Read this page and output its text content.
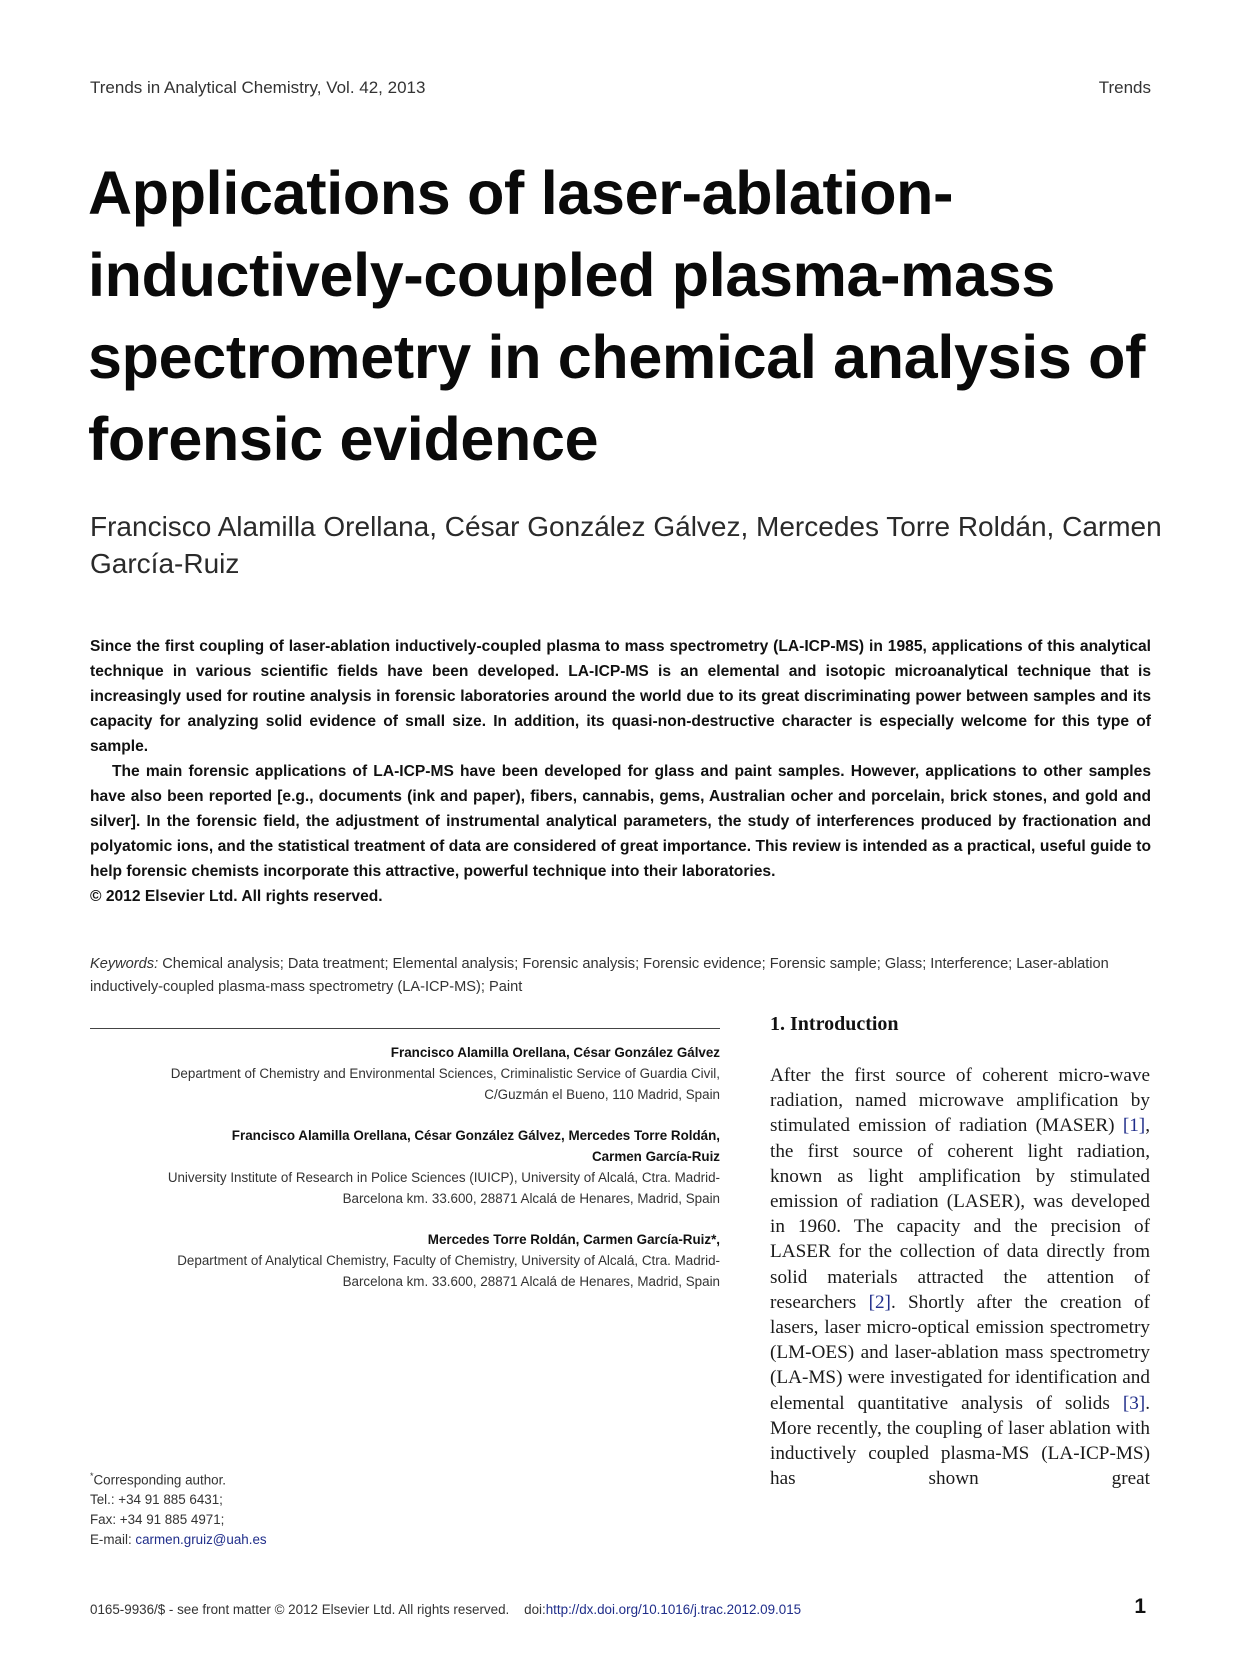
Trends in Analytical Chemistry, Vol. 42, 2013	Trends
Applications of laser-ablation-inductively-coupled plasma-mass spectrometry in chemical analysis of forensic evidence

Francisco Alamilla Orellana, César González Gálvez, Mercedes Torre Roldán, Carmen García-Ruiz

Since the first coupling of laser-ablation inductively-coupled plasma to mass spectrometry (LA-ICP-MS) in 1985, applications of this analytical technique in various scientific fields have been developed. LA-ICP-MS is an elemental and isotopic microanalytical technique that is increasingly used for routine analysis in forensic laboratories around the world due to its great discriminating power between samples and its capacity for analyzing solid evidence of small size. In addition, its quasi-non-destructive character is especially welcome for this type of sample.

The main forensic applications of LA-ICP-MS have been developed for glass and paint samples. However, applications to other samples have also been reported [e.g., documents (ink and paper), fibers, cannabis, gems, Australian ocher and porcelain, brick stones, and gold and silver]. In the forensic field, the adjustment of instrumental analytical parameters, the study of interferences produced by fractionation and polyatomic ions, and the statistical treatment of data are considered of great importance. This review is intended as a practical, useful guide to help forensic chemists incorporate this attractive, powerful technique into their laboratories.

© 2012 Elsevier Ltd. All rights reserved.

Keywords: Chemical analysis; Data treatment; Elemental analysis; Forensic analysis; Forensic evidence; Forensic sample; Glass; Interference; Laser-ablation inductively-coupled plasma-mass spectrometry (LA-ICP-MS); Paint

Francisco Alamilla Orellana, César González Gálvez
Department of Chemistry and Environmental Sciences, Criminalistic Service of Guardia Civil,
C/Guzmán el Bueno, 110 Madrid, Spain
Francisco Alamilla Orellana, César González Gálvez, Mercedes Torre Roldán,
Carmen García-Ruiz
University Institute of Research in Police Sciences (IUICP), University of Alcalá, Ctra. Madrid-
Barcelona km. 33.600, 28871 Alcalá de Henares, Madrid, Spain
Mercedes Torre Roldán, Carmen García-Ruiz*,
Department of Analytical Chemistry, Faculty of Chemistry, University of Alcalá, Ctra. Madrid-
Barcelona km. 33.600, 28871 Alcalá de Henares, Madrid, Spain
*Corresponding author.
Tel.: +34 91 885 6431;
Fax: +34 91 885 4971;
E-mail: carmen.gruiz@uah.es
1. Introduction

After the first source of coherent micro-wave radiation, named microwave amplification by stimulated emission of radiation (MASER) [1], the first source of coherent light radiation, known as light amplification by stimulated emission of radiation (LASER), was developed in 1960. The capacity and the precision of LASER for the collection of data directly from solid materials attracted the attention of researchers [2]. Shortly after the creation of lasers, laser micro-optical emission spectrometry (LM-OES) and laser-ablation mass spectrometry (LA-MS) were investigated for identification and elemental quantitative analysis of solids [3]. More recently, the coupling of laser ablation with inductively coupled plasma-MS (LA-ICP-MS) has shown great

0165-9936/$ - see front matter © 2012 Elsevier Ltd. All rights reserved. doi:http://dx.doi.org/10.1016/j.trac.2012.09.015	1
